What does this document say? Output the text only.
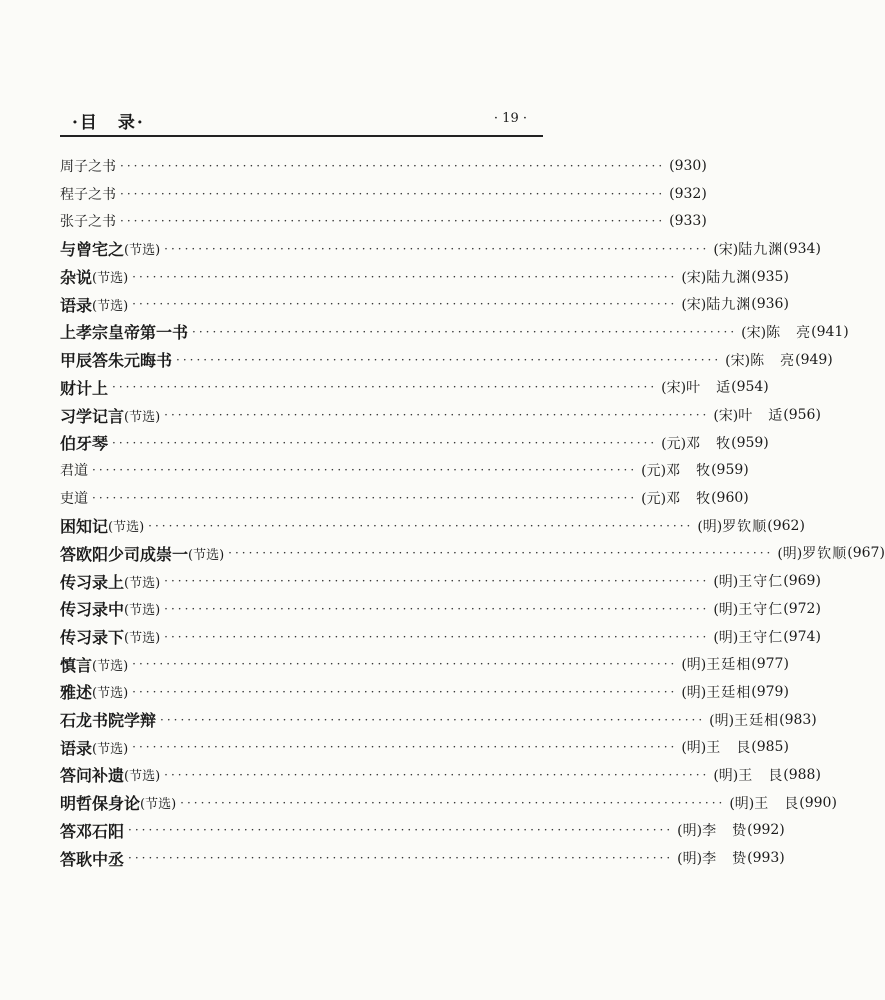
·目　录·	· 19 ·
周子之书 ················································································ (930)
程子之书 ················································································ (932)
张子之书 ················································································ (933)
与曾宅之 (节选) ················································································ (宋) 陆九渊 (934)
杂说 (节选) ················································································ (宋) 陆九渊 (935)
语录 (节选) ················································································ (宋) 陆九渊 (936)
上孝宗皇帝第一书 ················································································ (宋) 陈　亮 (941)
甲辰答朱元晦书 ················································································ (宋) 陈　亮 (949)
财计上 ················································································ (宋) 叶　适 (954)
习学记言 (节选) ················································································ (宋) 叶　适 (956)
伯牙琴 ················································································ (元) 邓　牧 (959)
君道 ················································································ (元) 邓　牧 (959)
吏道 ················································································ (元) 邓　牧 (960)
困知记 (节选) ················································································ (明) 罗钦顺 (962)
答欧阳少司成崇一 (节选) ················································································ (明) 罗钦顺 (967)
传习录上 (节选) ················································································ (明) 王守仁 (969)
传习录中 (节选) ················································································ (明) 王守仁 (972)
传习录下 (节选) ················································································ (明) 王守仁 (974)
慎言 (节选) ················································································ (明) 王廷相 (977)
雅述 (节选) ················································································ (明) 王廷相 (979)
石龙书院学辩 ················································································ (明) 王廷相 (983)
语录 (节选) ················································································ (明) 王　艮 (985)
答问补遗 (节选) ················································································ (明) 王　艮 (988)
明哲保身论 (节选) ················································································ (明) 王　艮 (990)
答邓石阳 ················································································ (明) 李　贽 (992)
答耿中丞 ················································································ (明) 李　贽 (993)
